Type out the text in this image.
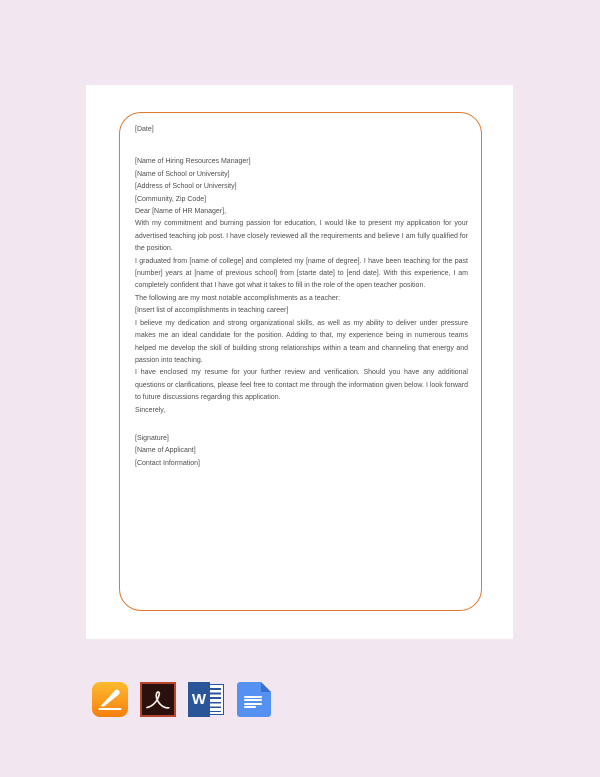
[Date]

[Name of Hiring Resources Manager]

[Name of School or University]

[Address of School or University]

[Community, Zip Code]

Dear [Name of HR Manager],

With my commitment and burning passion for education, I would like to present my application for your advertised teaching job post. I have closely reviewed all the requirements and believe I am fully qualified for the position.

I graduated from [name of college] and completed my [name of degree]. I have been teaching for the past [number] years at [name of previous school] from [starte date] to [end date]. With this experience, I am completely confident that I have got what it takes to fill in the role of the open teacher position.

The following are my most notable accomplishments as a teacher:

[Insert list of accomplishments in teaching career]

I believe my dedication and strong organizational skills, as well as my ability to deliver under pressure makes me an ideal candidate for the position. Adding to that, my experience being in numerous teams helped me develop the skill of building strong relationships within a team and channeling that energy and passion into teaching.

I have enclosed my resume for your further review and verification. Should you have any additional questions or clarifications, please feel free to contact me through the information given below. I look forward to future discussions regarding this application.

Sincerely,

[Signature]

[Name of Applicant]

[Contact Information]

W
